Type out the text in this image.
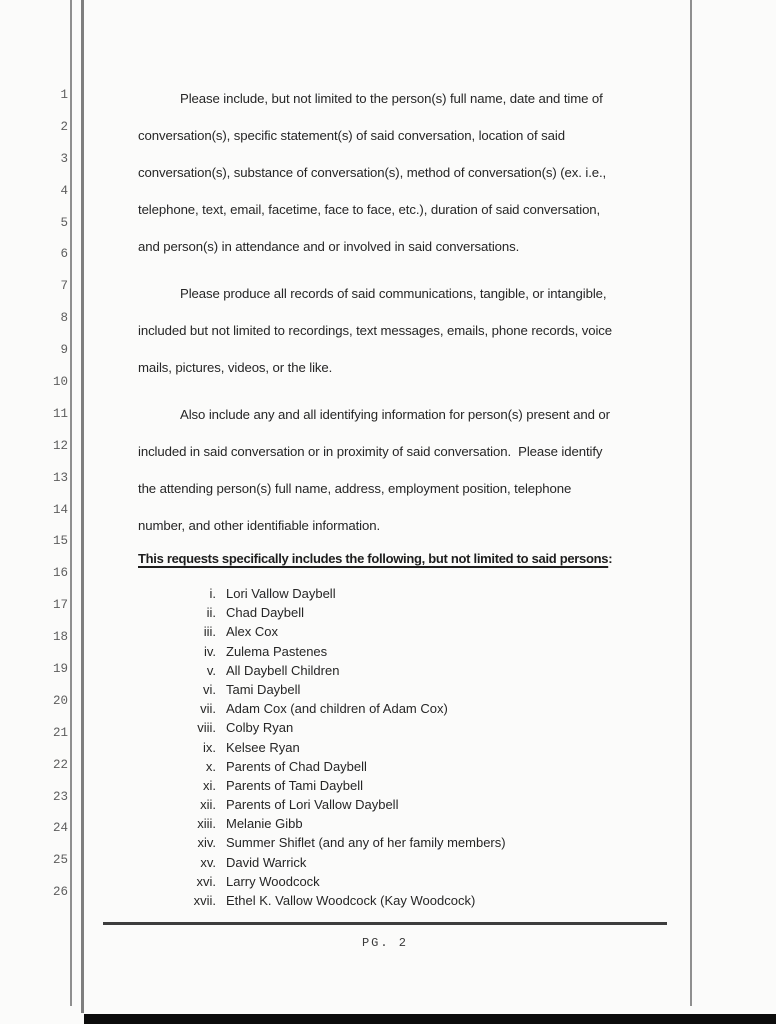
1
2
3
4
5
6
7
8
9
10
11
12
13
14
15
16
17
18
19
20
21
22
23
24
25
26
Please include, but not limited to the person(s) full name, date and time of
conversation(s), specific statement(s) of said conversation, location of said
conversation(s), substance of conversation(s), method of conversation(s) (ex. i.e.,
telephone, text, email, facetime, face to face, etc.), duration of said conversation,
and person(s) in attendance and or involved in said conversations.
Please produce all records of said communications, tangible, or intangible,
included but not limited to recordings, text messages, emails, phone records, voice
mails, pictures, videos, or the like.
Also include any and all identifying information for person(s) present and or
included in said conversation or in proximity of said conversation.  Please identify
the attending person(s) full name, address, employment position, telephone
number, and other identifiable information.
This requests specifically includes the following, but not limited to said persons:
i. Lori Vallow Daybell
ii. Chad Daybell
iii. Alex Cox
iv. Zulema Pastenes
v. All Daybell Children
vi. Tami Daybell
vii. Adam Cox (and children of Adam Cox)
viii. Colby Ryan
ix. Kelsee Ryan
x. Parents of Chad Daybell
xi. Parents of Tami Daybell
xii. Parents of Lori Vallow Daybell
xiii. Melanie Gibb
xiv. Summer Shiflet (and any of her family members)
xv. David Warrick
xvi. Larry Woodcock
xvii. Ethel K. Vallow Woodcock (Kay Woodcock)
PG. 2
